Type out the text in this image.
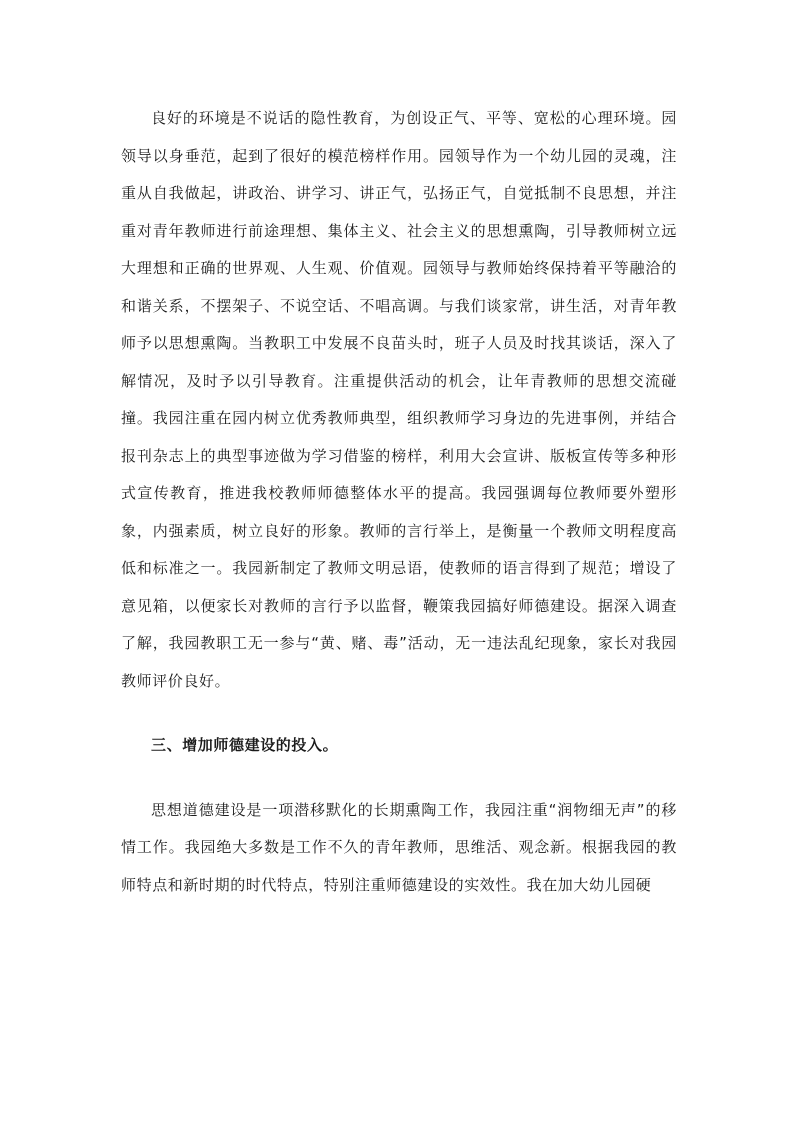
良好的环境是不说话的隐性教育，为创设正气、平等、宽松的心理环境。园领导以身垂范，起到了很好的模范榜样作用。园领导作为一个幼儿园的灵魂，注重从自我做起，讲政治、讲学习、讲正气，弘扬正气，自觉抵制不良思想，并注重对青年教师进行前途理想、集体主义、社会主义的思想熏陶，引导教师树立远大理想和正确的世界观、人生观、价值观。园领导与教师始终保持着平等融洽的和谐关系，不摆架子、不说空话、不唱高调。与我们谈家常，讲生活，对青年教师予以思想熏陶。当教职工中发展不良苗头时，班子人员及时找其谈话，深入了解情况，及时予以引导教育。注重提供活动的机会，让年青教师的思想交流碰撞。我园注重在园内树立优秀教师典型，组织教师学习身边的先进事例，并结合报刊杂志上的典型事迹做为学习借鉴的榜样，利用大会宣讲、版板宣传等多种形式宣传教育，推进我校教师师德整体水平的提高。我园强调每位教师要外塑形象，内强素质，树立良好的形象。教师的言行举上，是衡量一个教师文明程度高低和标准之一。我园新制定了教师文明忌语，使教师的语言得到了规范；增设了意见箱，以便家长对教师的言行予以监督，鞭策我园搞好师德建设。据深入调查了解，我园教职工无一参与“黄、赌、毒”活动，无一违法乱纪现象，家长对我园教师评价良好。

三、增加师德建设的投入。

思想道德建设是一项潜移默化的长期熏陶工作，我园注重“润物细无声”的移情工作。我园绝大多数是工作不久的青年教师，思维活、观念新。根据我园的教师特点和新时期的时代特点，特别注重师德建设的实效性。我在加大幼儿园硬
